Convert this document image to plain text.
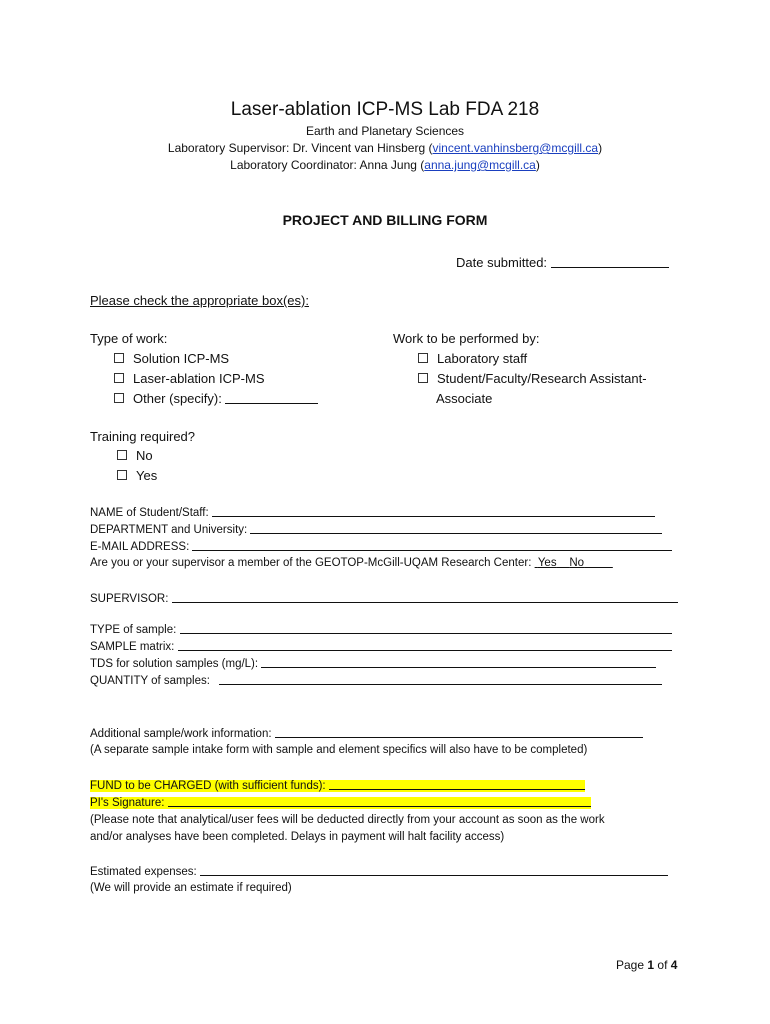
Laser-ablation ICP-MS Lab FDA 218
Earth and Planetary Sciences
Laboratory Supervisor: Dr. Vincent van Hinsberg (vincent.vanhinsberg@mcgill.ca)
Laboratory Coordinator: Anna Jung (anna.jung@mcgill.ca)
PROJECT AND BILLING FORM
Date submitted:
Please check the appropriate box(es):
Type of work:
Solution ICP-MS
Laser-ablation ICP-MS
Other (specify):
Work to be performed by:
Laboratory staff
Student/Faculty/Research Assistant-
Associate
Training required?
No
Yes
NAME of Student/Staff:
DEPARTMENT and University:
E-MAIL ADDRESS:
Are you or your supervisor a member of the GEOTOP-McGill-UQAM Research Center: Yes No
SUPERVISOR:
TYPE of sample:
SAMPLE matrix:
TDS for solution samples (mg/L):
QUANTITY of samples:
Additional sample/work information:
(A separate sample intake form with sample and element specifics will also have to be completed)
FUND to be CHARGED (with sufficient funds):
PI's Signature:
(Please note that analytical/user fees will be deducted directly from your account as soon as the work
and/or analyses have been completed. Delays in payment will halt facility access)
Estimated expenses:
(We will provide an estimate if required)
Page 1 of 4
